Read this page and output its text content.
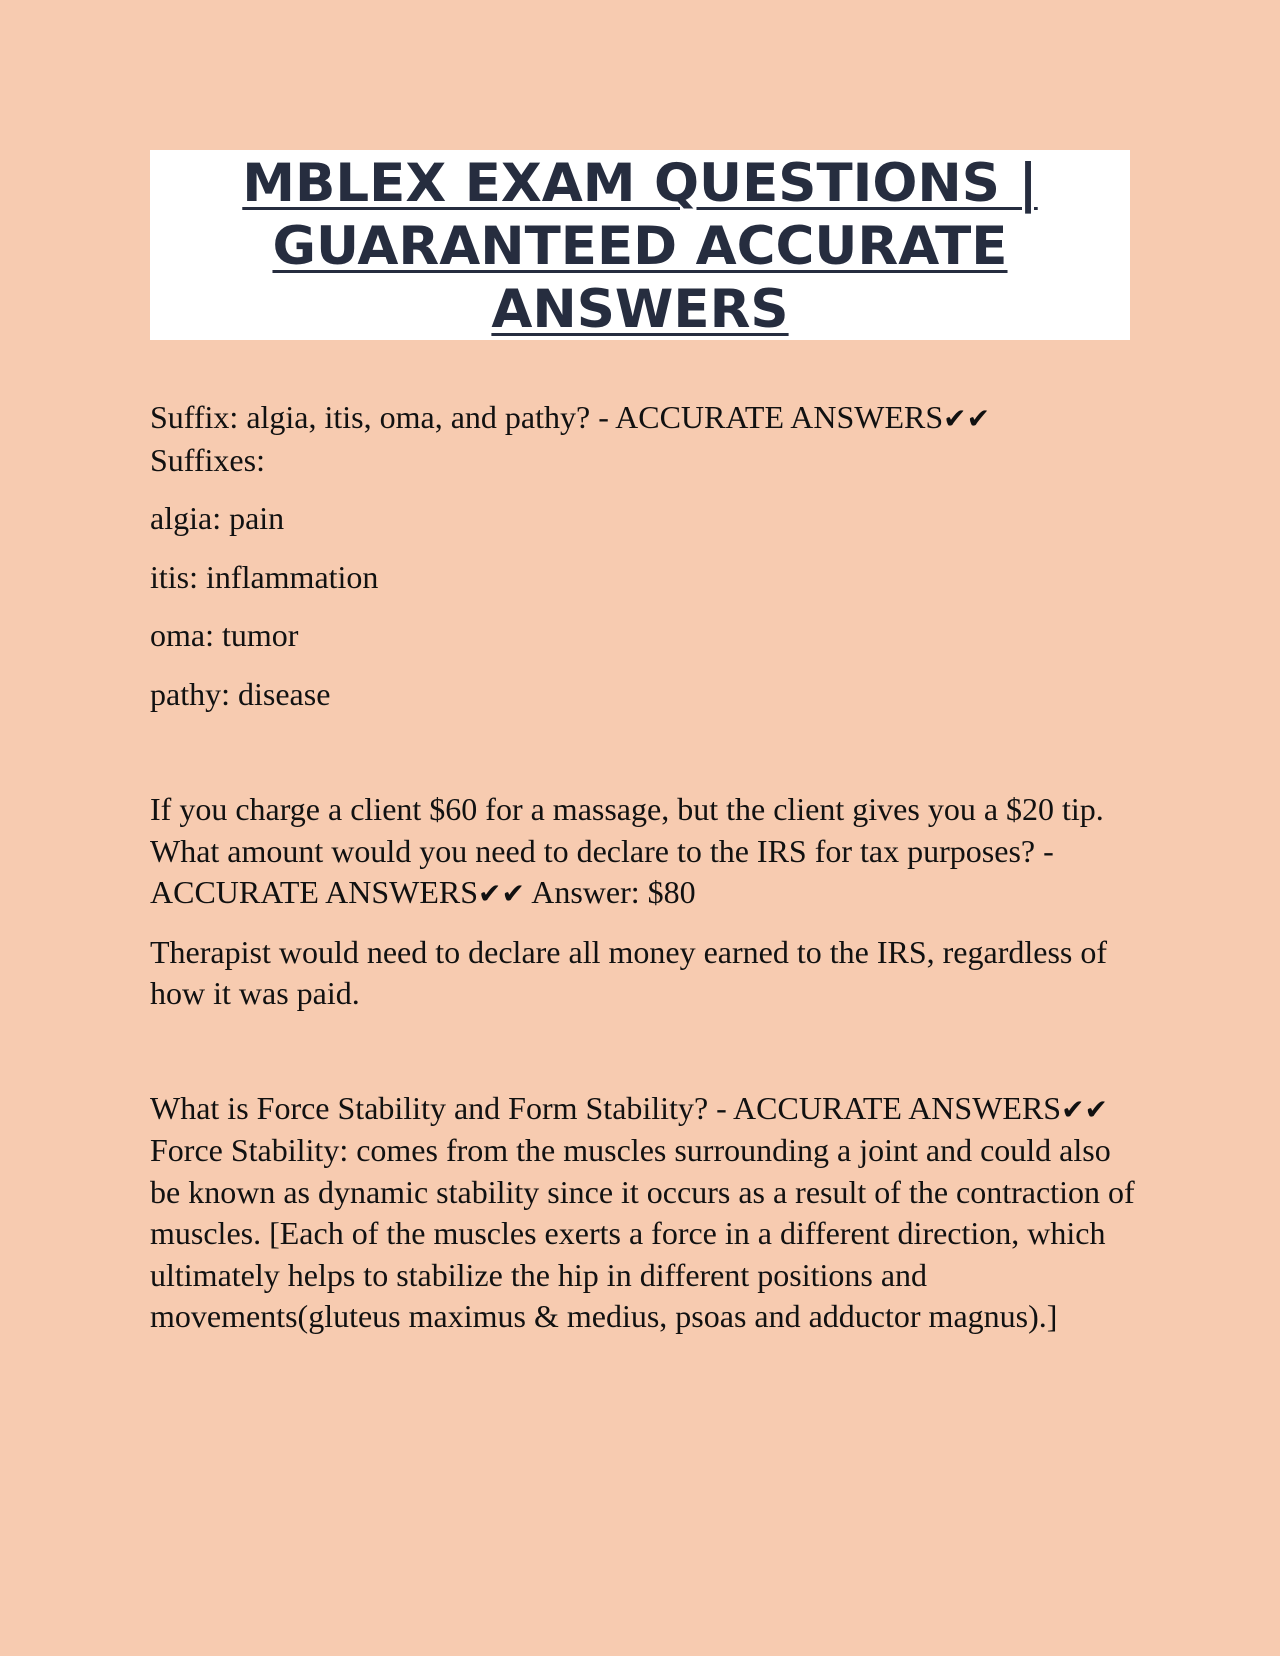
MBLEX EXAM QUESTIONS | GUARANTEED ACCURATE ANSWERS

Suffix: algia, itis, oma, and pathy? - ACCURATE ANSWERS✔✔
Suffixes:

algia: pain

itis: inflammation

oma: tumor

pathy: disease

If you charge a client $60 for a massage, but the client gives you a $20 tip. What amount would you need to declare to the IRS for tax purposes? - ACCURATE ANSWERS✔✔ Answer: $80

Therapist would need to declare all money earned to the IRS, regardless of how it was paid.

What is Force Stability and Form Stability? - ACCURATE ANSWERS✔✔ Force Stability: comes from the muscles surrounding a joint and could also be known as dynamic stability since it occurs as a result of the contraction of muscles. [Each of the muscles exerts a force in a different direction, which ultimately helps to stabilize the hip in different positions and movements(gluteus maximus & medius, psoas and adductor magnus).]
